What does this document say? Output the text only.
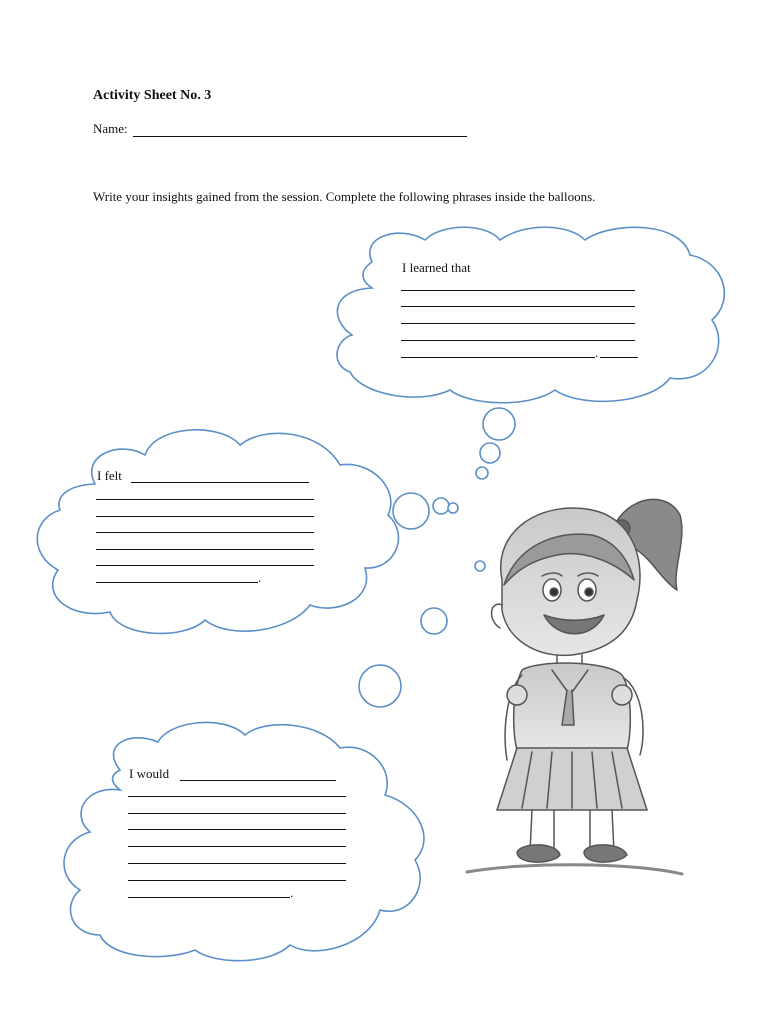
Activity Sheet No. 3
Name:
Write your insights gained from the session. Complete the following phrases inside the balloons.
I learned that
.
I felt
.
I would
.
